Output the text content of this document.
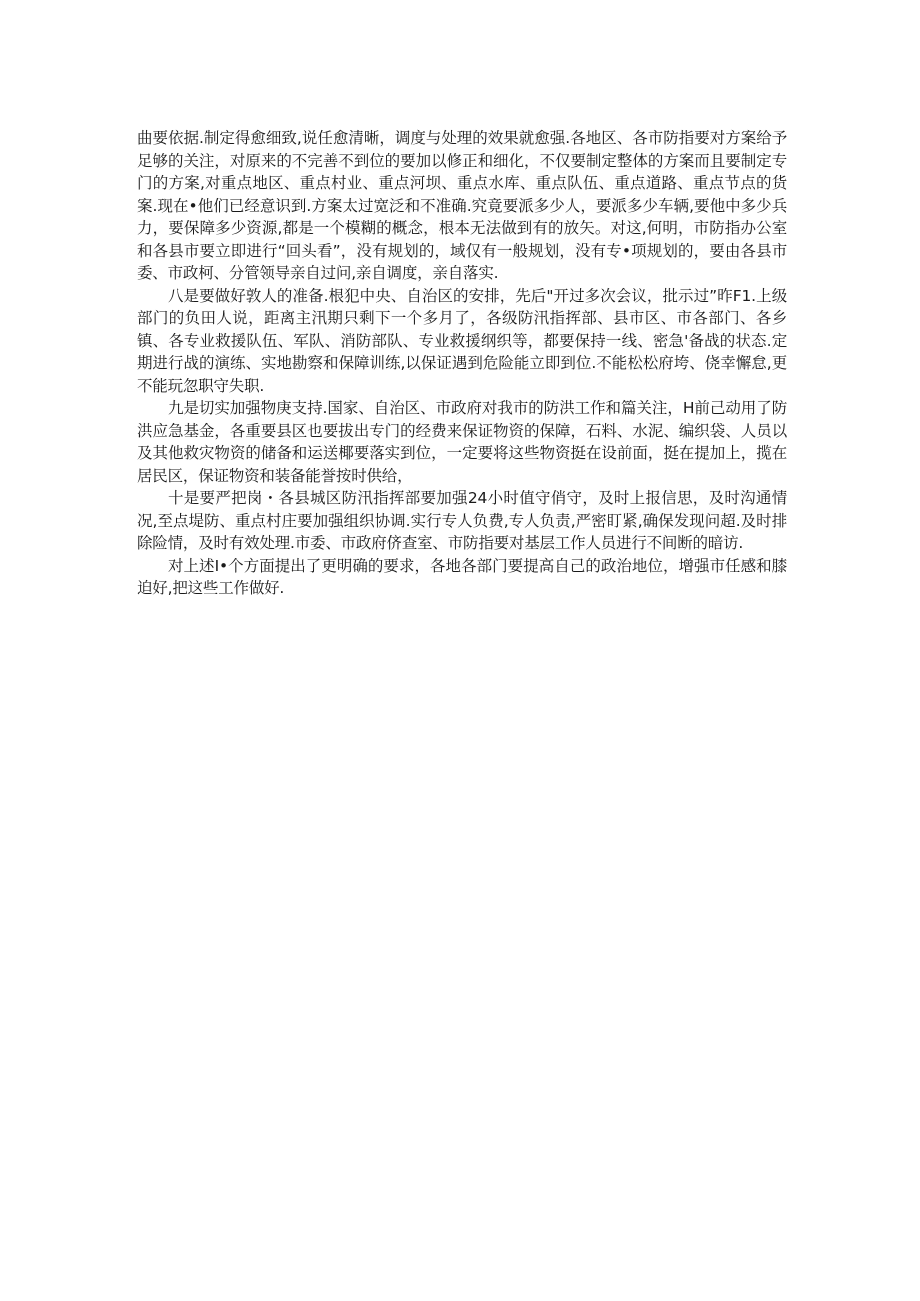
曲要依据.制定得愈细致,说任愈清晰，调度与处理的效果就愈强.各地区、各市防指要对方案给予足够的关注，对原来的不完善不到位的要加以修正和细化，不仅要制定整体的方案而且要制定专门的方案,对重点地区、重点村业、重点河坝、重点水库、重点队伍、重点道路、重点节点的货案.现在•他们已经意识到.方案太过宽泛和不准确.究竟要派多少人，要派多少车辆,要他中多少兵力，要保障多少资源,都是一个模糊的概念，根本无法做到有的放矢。对这,何明，市防指办公室和各县市要立即进行“回头看”，没有规划的，域仅有一般规划，没有专•项规划的，要由各县市委、市政柯、分管领导亲自过问,亲自调度，亲自落实.

八是要做好敦人的准备.根犯中央、自治区的安排，先后"开过多次会议，批示过”昨F1.上级部门的负田人说，距离主汛期只剩下一个多月了，各级防汛指挥部、县市区、市各部门、各乡镇、各专业救援队伍、军队、消防部队、专业救援纲织等，都要保持一线、密急'备战的状态.定期进行战的演练、实地勘察和保障训练,以保证遇到危险能立即到位.不能松松府垮、侥幸懈怠,更不能玩忽职守失职.

九是切实加强物庚支持.国家、自治区、市政府对我市的防洪工作和篇关注，H前己动用了防洪应急基金，各重要县区也要拔出专门的经费来保证物资的保障，石料、水泥、编织袋、人员以及其他救灾物资的储备和运送椰要落实到位，一定要将这些物资挺在设前面，挺在提加上，揽在居民区，保证物资和装备能誉按时供给，

十是要严把岗・各县城区防汛指挥部要加强24小时值守俏守，及时上报信思，及时沟通情况,至点堤防、重点村庄要加强组织协调.实行专人负费,专人负责,严密盯紧,确保发现问超.及时排除险情，及时有效处理.市委、市政府侪查室、市防指要对基层工作人员进行不间断的暗访.

对上述I•个方面提出了更明确的要求，各地各部门要提高自己的政治地位，增强市任感和膝迫好,把这些工作做好.
